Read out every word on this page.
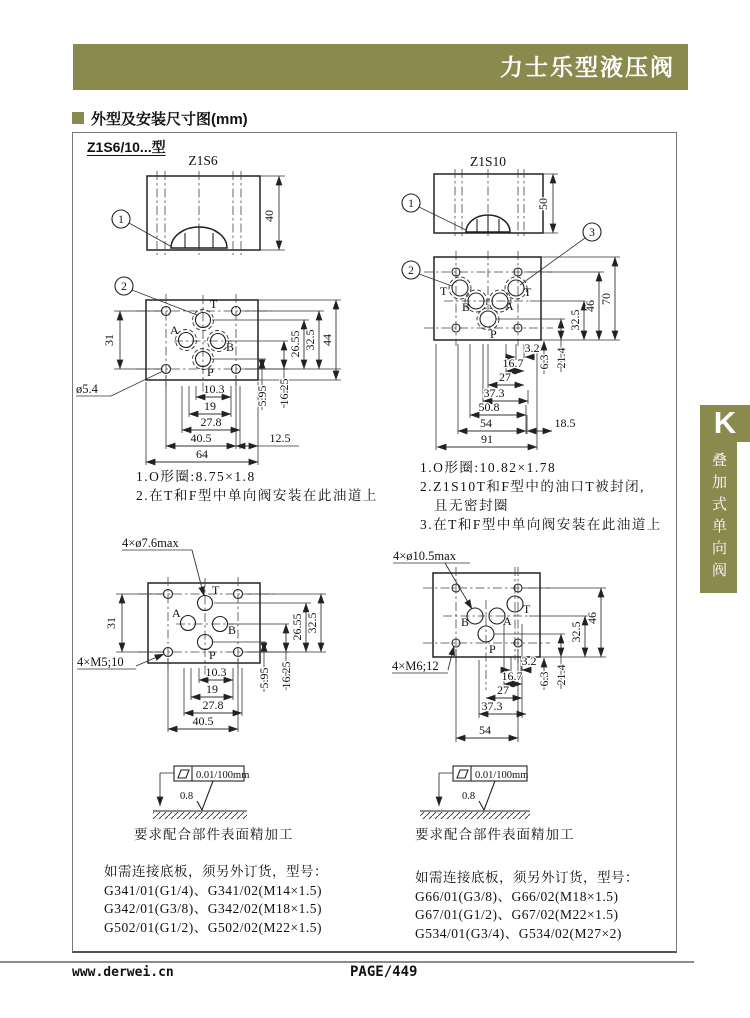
Z1S6
40
1
T
A
B
P
2
31
ø5.4
26.55 32.5 44
10.3
19
27.8
40.5	12.5
64
5.95 16.25
T
A
B
P
4×ø7.6max
4×M5;10
31	26.55 32.5
10.3
19
27.8
40.5
5.95 16.25
Z1S10
50
1
3
T
B	A
T
P
2
32.5
46
70
3.2
16.7
27
37.3
50.8
54	18.5
91
6.3 21.4
B	A
T
P
4×ø10.5max
4×M6;12
32.5
46
3.2
16.7
27
37.3
54
6.3 21.4
0.01/100mm
0.8
0.01/100mm
0.8
力士乐型液压阀
外型及安装尺寸图(mm)
Z1S6/10...型
1.O形圈:8.75×1.8
2.在T和F型中单向阀安装在此油道上
1.O形圈:10.82×1.78
2.Z1S10T和F型中的油口T被封闭,
且无密封圈
3.在T和F型中单向阀安装在此油道上
要求配合部件表面精加工	要求配合部件表面精加工
如需连接底板，须另外订货，型号：
G341/01(G1/4)、G341/02(M14×1.5)
G342/01(G3/8)、G342/02(M18×1.5)
G502/01(G1/2)、G502/02(M22×1.5)
如需连接底板，须另外订货，型号：
G66/01(G3/8)、G66/02(M18×1.5)
G67/01(G1/2)、G67/02(M22×1.5)
G534/01(G3/4)、G534/02(M27×2)
K
叠加式单向阀
www.derwei.cn	PAGE/449
